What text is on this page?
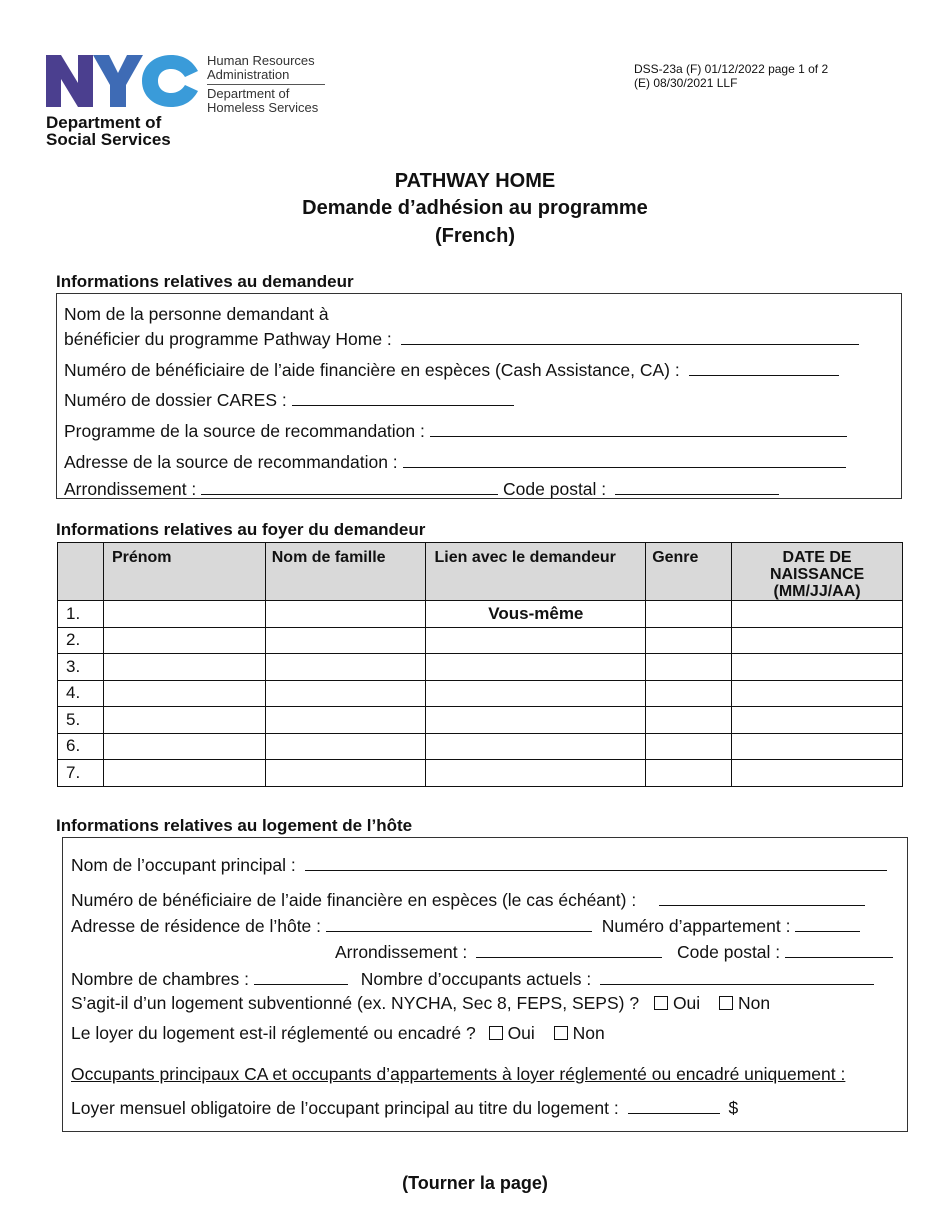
Human Resources
Administration
Department of
Homeless Services
Department of
Social Services
DSS-23a (F) 01/12/2022 page 1 of 2
(E) 08/30/2021 LLF
PATHWAY HOME
Demande d’adhésion au programme
(French)
Informations relatives au demandeur
Nom de la personne demandant à
bénéficier du programme Pathway Home :
Numéro de bénéficiaire de l’aide financière en espèces (Cash Assistance, CA) :
Numéro de dossier CARES :
Programme de la source de recommandation :
Adresse de la source de recommandation :
Arrondissement :	Code postal :
Informations relatives au foyer du demandeur
	Prénom	Nom de famille	Lien avec le demandeur	Genre	DATE DE NAISSANCE
(MM/JJ/AA)

1.			Vous-même		
2.					
3.					
4.					
5.					
6.					
7.					
Informations relatives au logement de l’hôte
Nom de l’occupant principal :
Numéro de bénéficiaire de l’aide financière en espèces (le cas échéant) :
Adresse de résidence de l’hôte :	Numéro d’appartement :
Arrondissement :	Code postal :
Nombre de chambres :	Nombre d’occupants actuels :
S’agit-il d’un logement subventionné (ex. NYCHA, Sec 8, FEPS, SEPS) ? Oui Non
Le loyer du logement est-il réglementé ou encadré ? Oui Non
Occupants principaux CA et occupants d’appartements à loyer réglementé ou encadré uniquement :
Loyer mensuel obligatoire de l’occupant principal au titre du logement :	$
(Tourner la page)
